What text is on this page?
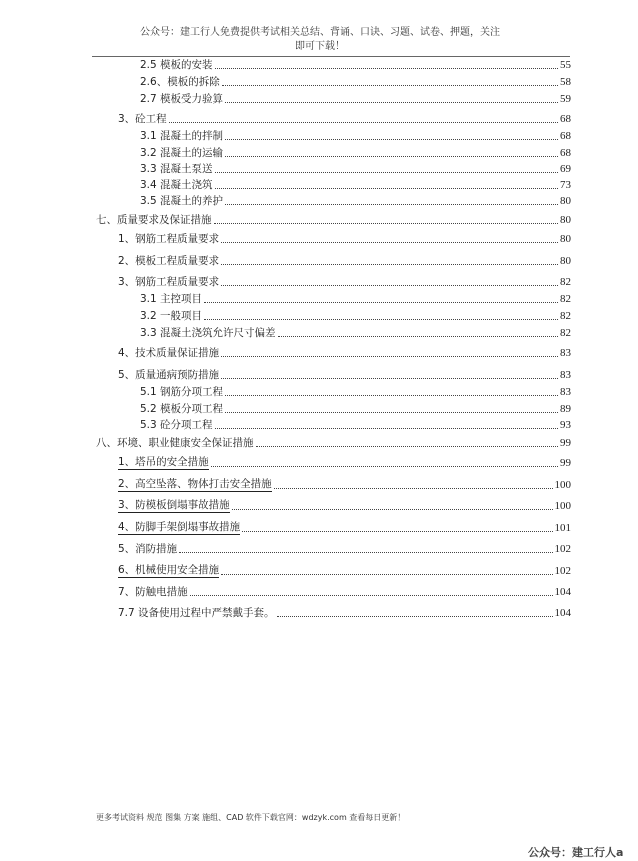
公众号：建工行人免费提供考试相关总结、背诵、口诀、习题、试卷、押题，关注
即可下载！
2.5 模板的安装	55
2.6、模板的拆除	58
2.7 模板受力验算	59
3、砼工程	68
3.1 混凝土的拌制	68
3.2 混凝土的运输	68
3.3 混凝土泵送	69
3.4 混凝土浇筑	73
3.5 混凝土的养护	80
七、质量要求及保证措施	80
1、钢筋工程质量要求	80
2、模板工程质量要求	80
3、钢筋工程质量要求	82
3.1 主控项目	82
3.2 一般项目	82
3.3 混凝土浇筑允许尺寸偏差	82
4、技术质量保证措施	83
5、质量通病预防措施	83
5.1 钢筋分项工程	83
5.2 模板分项工程	89
5.3 砼分项工程	93
八、环境、职业健康安全保证措施	99
1、塔吊的安全措施	99
2、高空坠落、物体打击安全措施	100
3、防模板倒塌事故措施	100
4、防脚手架倒塌事故措施	101
5、消防措施	102
6、机械使用安全措施	102
7、防触电措施	104
7.7 设备使用过程中严禁戴手套。	104
更多考试资料 规范 图集 方案 施组、CAD 软件下载官网：wdzyk.com 查看每日更新！
公众号：建工行人a
